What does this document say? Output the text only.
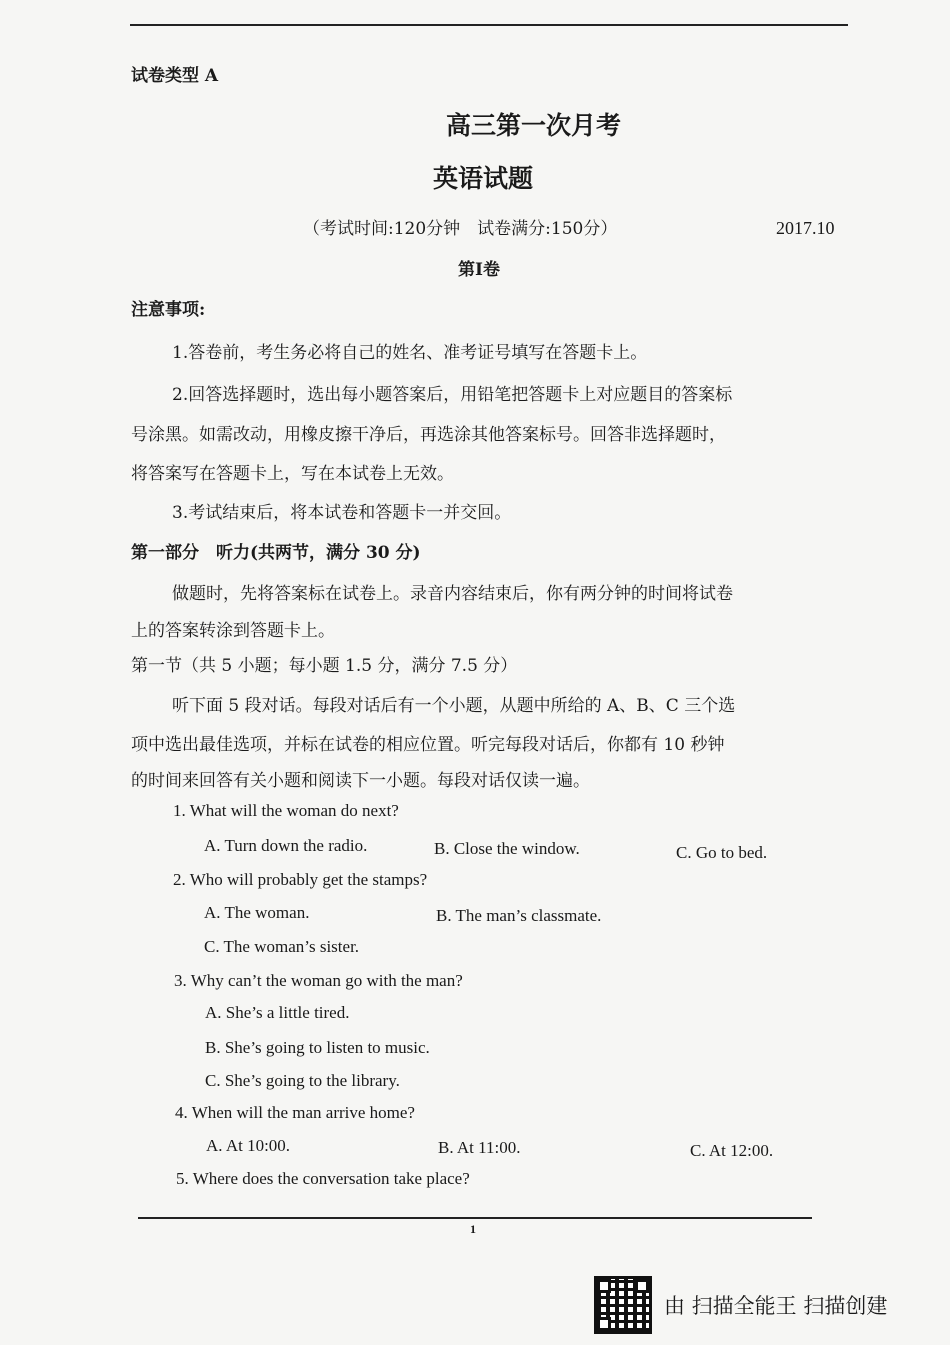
试卷类型 A
高三第一次月考
英语试题
（考试时间:120分钟　试卷满分:150分）	2017.10
第Ⅰ卷
注意事项:
1.答卷前，考生务必将自己的姓名、准考证号填写在答题卡上。
2.回答选择题时，选出每小题答案后，用铅笔把答题卡上对应题目的答案标
号涂黑。如需改动，用橡皮擦干净后，再选涂其他答案标号。回答非选择题时，
将答案写在答题卡上，写在本试卷上无效。
3.考试结束后，将本试卷和答题卡一并交回。
第一部分　听力(共两节，满分 30 分)
做题时，先将答案标在试卷上。录音内容结束后，你有两分钟的时间将试卷
上的答案转涂到答题卡上。
第一节（共 5 小题；每小题 1.5 分，满分 7.5 分）
听下面 5 段对话。每段对话后有一个小题，从题中所给的 A、B、C 三个选
项中选出最佳选项，并标在试卷的相应位置。听完每段对话后，你都有 10 秒钟
的时间来回答有关小题和阅读下一小题。每段对话仅读一遍。
1. What will the woman do next?
A. Turn down the radio.	B. Close the window.	C. Go to bed.
2. Who will probably get the stamps?
A. The woman.	B. The man’s classmate.
C. The woman’s sister.
3. Why can’t the woman go with the man?
A. She’s a little tired.
B. She’s going to listen to music.
C. She’s going to the library.
4. When will the man arrive home?
A. At 10:00.	B. At 11:00.	C. At 12:00.
5. Where does the conversation take place?
1
由 扫描全能王 扫描创建
